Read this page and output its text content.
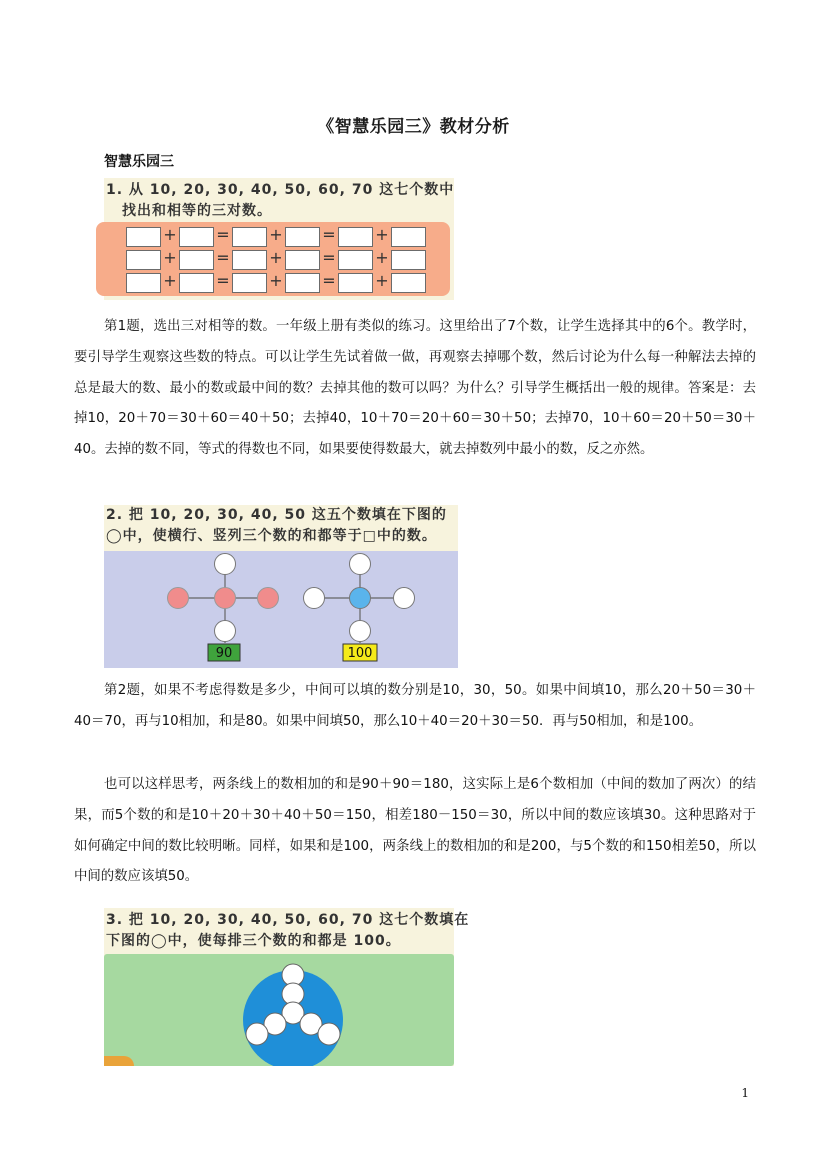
《智慧乐园三》教材分析
智慧乐园三
1. 从 10, 20, 30, 40, 50, 60, 70 这七个数中
找出和相等的三对数。
+ = + = +
+ = + = +
+ = + = +

第1题，选出三对相等的数。一年级上册有类似的练习。这里给出了7个数，让学生选择其中的6个。教学时，要引导学生观察这些数的特点。可以让学生先试着做一做，再观察去掉哪个数，然后讨论为什么每一种解法去掉的总是最大的数、最小的数或最中间的数？去掉其他的数可以吗？为什么？引导学生概括出一般的规律。答案是：去掉10，20＋70＝30＋60＝40＋50；去掉40，10＋70＝20＋60＝30＋50；去掉70，10＋60＝20＋50＝30＋40。去掉的数不同，等式的得数也不同，如果要使得数最大，就去掉数列中最小的数，反之亦然。

2. 把 10, 20, 30, 40, 50 这五个数填在下图的
◯中，使横行、竖列三个数的和都等于□中的数。
90	100

第2题，如果不考虑得数是多少，中间可以填的数分别是10，30，50。如果中间填10，那么20＋50＝30＋40＝70，再与10相加，和是80。如果中间填50，那么10＋40＝20＋30＝50．再与50相加，和是100。

也可以这样思考，两条线上的数相加的和是90＋90＝180，这实际上是6个数相加（中间的数加了两次）的结果，而5个数的和是10＋20＋30＋40＋50＝150，相差180－150＝30，所以中间的数应该填30。这种思路对于如何确定中间的数比较明晰。同样，如果和是100，两条线上的数相加的和是200，与5个数的和150相差50，所以中间的数应该填50。

3. 把 10, 20, 30, 40, 50, 60, 70 这七个数填在
下图的◯中，使每排三个数的和都是 100。
1
